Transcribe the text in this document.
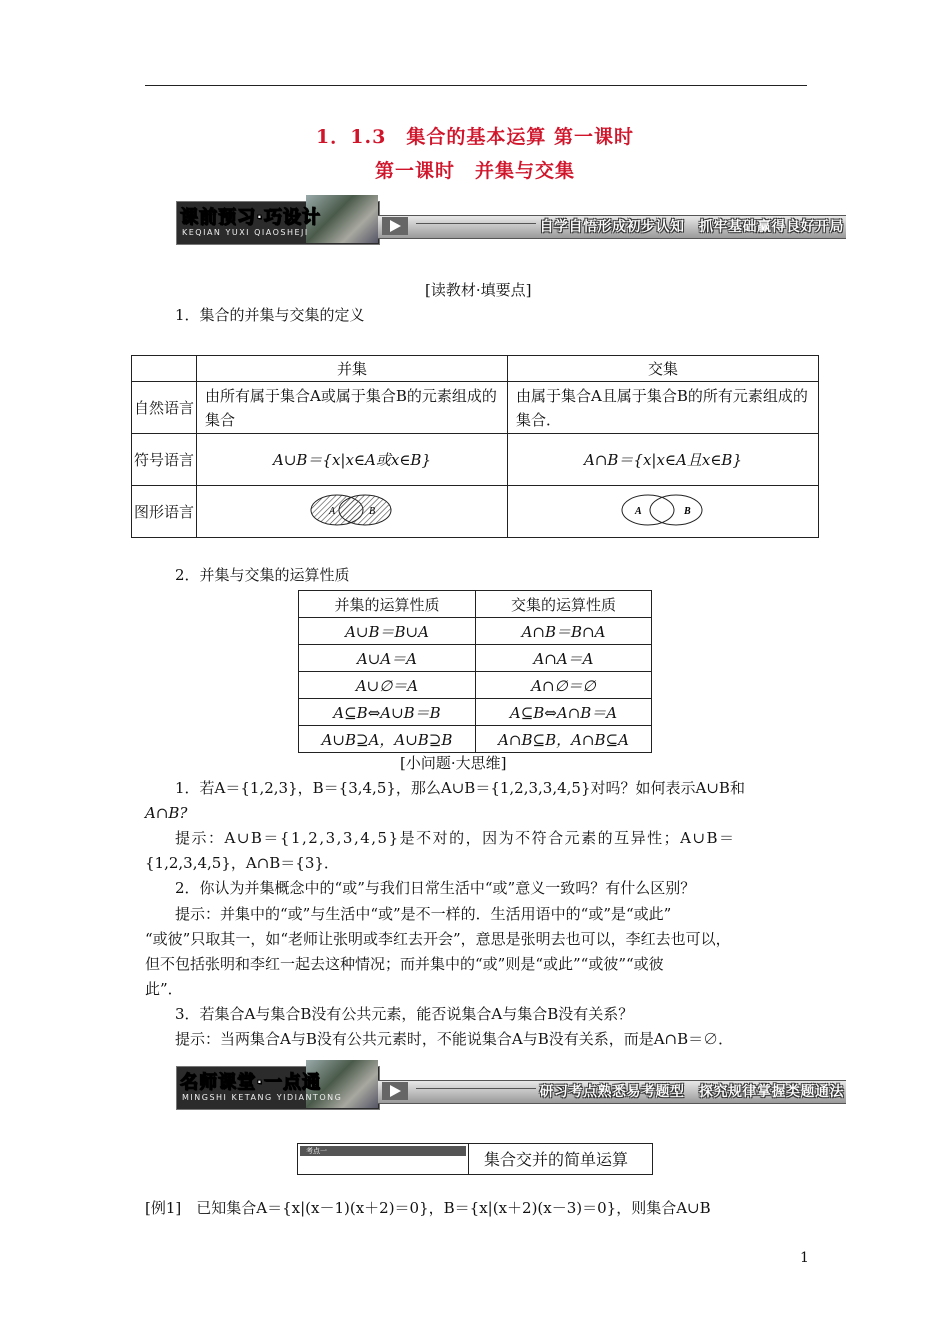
1．1.3　集合的基本运算 第一课时
第一课时　并集与交集
课前预习·巧设计
KEQIAN YUXI QIAOSHEJI	自学自悟形成初步认知　抓牢基础赢得良好开局
[读教材·填要点]
1．集合的并集与交集的定义
	并集	交集
自然语言	由所有属于集合A或属于集合B的元素组成的集合	由属于集合A且属于集合B的所有元素组成的集合．
符号语言	A∪B＝{x|x∈A或x∈B}	A∩B＝{x|x∈A且x∈B}
图形语言	A B	A B
2．并集与交集的运算性质
并集的运算性质	交集的运算性质
A∪B＝B∪A	A∩B＝B∩A
A∪A＝A	A∩A＝A
A∪∅＝A	A∩∅＝∅
A⊆B⇔A∪B＝B	A⊆B⇔A∩B＝A
A∪B⊇A，A∪B⊇B	A∩B⊆B，A∩B⊆A
[小问题·大思维]
1．若A＝{1,2,3}，B＝{3,4,5}，那么A∪B＝{1,2,3,3,4,5}对吗？如何表示A∪B和
A∩B?
提示：A∪B＝{1,2,3,3,4,5}是不对的，因为不符合元素的互异性；A∪B＝
{1,2,3,4,5}，A∩B＝{3}．
2．你认为并集概念中的“或”与我们日常生活中“或”意义一致吗？有什么区别？
提示：并集中的“或”与生活中“或”是不一样的．生活用语中的“或”是“或此”
“或彼”只取其一，如“老师让张明或李红去开会”，意思是张明去也可以，李红去也可以，
但不包括张明和李红一起去这种情况；而并集中的“或”则是“或此”“或彼”“或彼
此”．
3．若集合A与集合B没有公共元素，能否说集合A与集合B没有关系？
提示：当两集合A与B没有公共元素时，不能说集合A与B没有关系，而是A∩B＝∅．
名师课堂·一点通
MINGSHI KETANG YIDIANTONG	研习考点熟悉易考题型　探究规律掌握类题通法
考点一	集合交并的简单运算
[例1]　已知集合A＝{x|(x－1)(x＋2)＝0}，B＝{x|(x＋2)(x－3)＝0}，则集合A∪B
1
